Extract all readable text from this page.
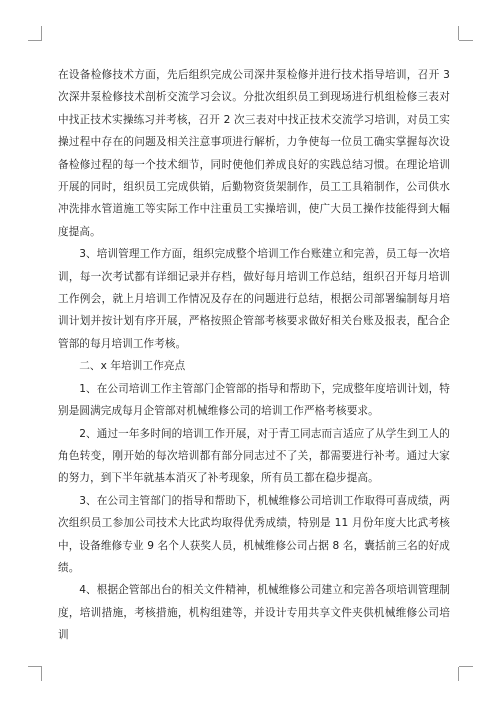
在设备检修技术方面，先后组织完成公司深井泵检修并进行技术指导培训，召开 3 次深井泵检修技术剖析交流学习会议。分批次组织员工到现场进行机组检修三表对中找正技术实操练习并考核，召开 2 次三表对中找正技术交流学习培训，对员工实操过程中存在的问题及相关注意事项进行解析，力争使每一位员工确实掌握每次设备检修过程的每一个技术细节，同时使他们养成良好的实践总结习惯。在理论培训开展的同时，组织员工完成供销，后勤物资货架制作，员工工具箱制作，公司供水冲洗排水管道施工等实际工作中注重员工实操培训，使广大员工操作技能得到大幅度提高。

3、培训管理工作方面，组织完成整个培训工作台账建立和完善，员工每一次培训，每一次考试都有详细记录并存档，做好每月培训工作总结，组织召开每月培训工作例会，就上月培训工作情况及存在的问题进行总结，根据公司部署编制每月培训计划并按计划有序开展，严格按照企管部考核要求做好相关台账及报表，配合企管部的每月培训工作考核。

二、x 年培训工作亮点

1、在公司培训工作主管部门企管部的指导和帮助下，完成整年度培训计划，特别是圆满完成每月企管部对机械维修公司的培训工作严格考核要求。

2、通过一年多时间的培训工作开展，对于青工同志而言适应了从学生到工人的角色转变，刚开始的每次培训都有部分同志过不了关，都需要进行补考。通过大家的努力，到下半年就基本消灭了补考现象，所有员工都在稳步提高。

3、在公司主管部门的指导和帮助下，机械维修公司培训工作取得可喜成绩，两次组织员工参加公司技术大比武均取得优秀成绩，特别是 11 月份年度大比武考核中，设备维修专业 9 名个人获奖人员，机械维修公司占据 8 名，囊括前三名的好成绩。

4、根据企管部出台的相关文件精神，机械维修公司建立和完善各项培训管理制度，培训措施，考核措施，机构组建等，并设计专用共享文件夹供机械维修公司培训
